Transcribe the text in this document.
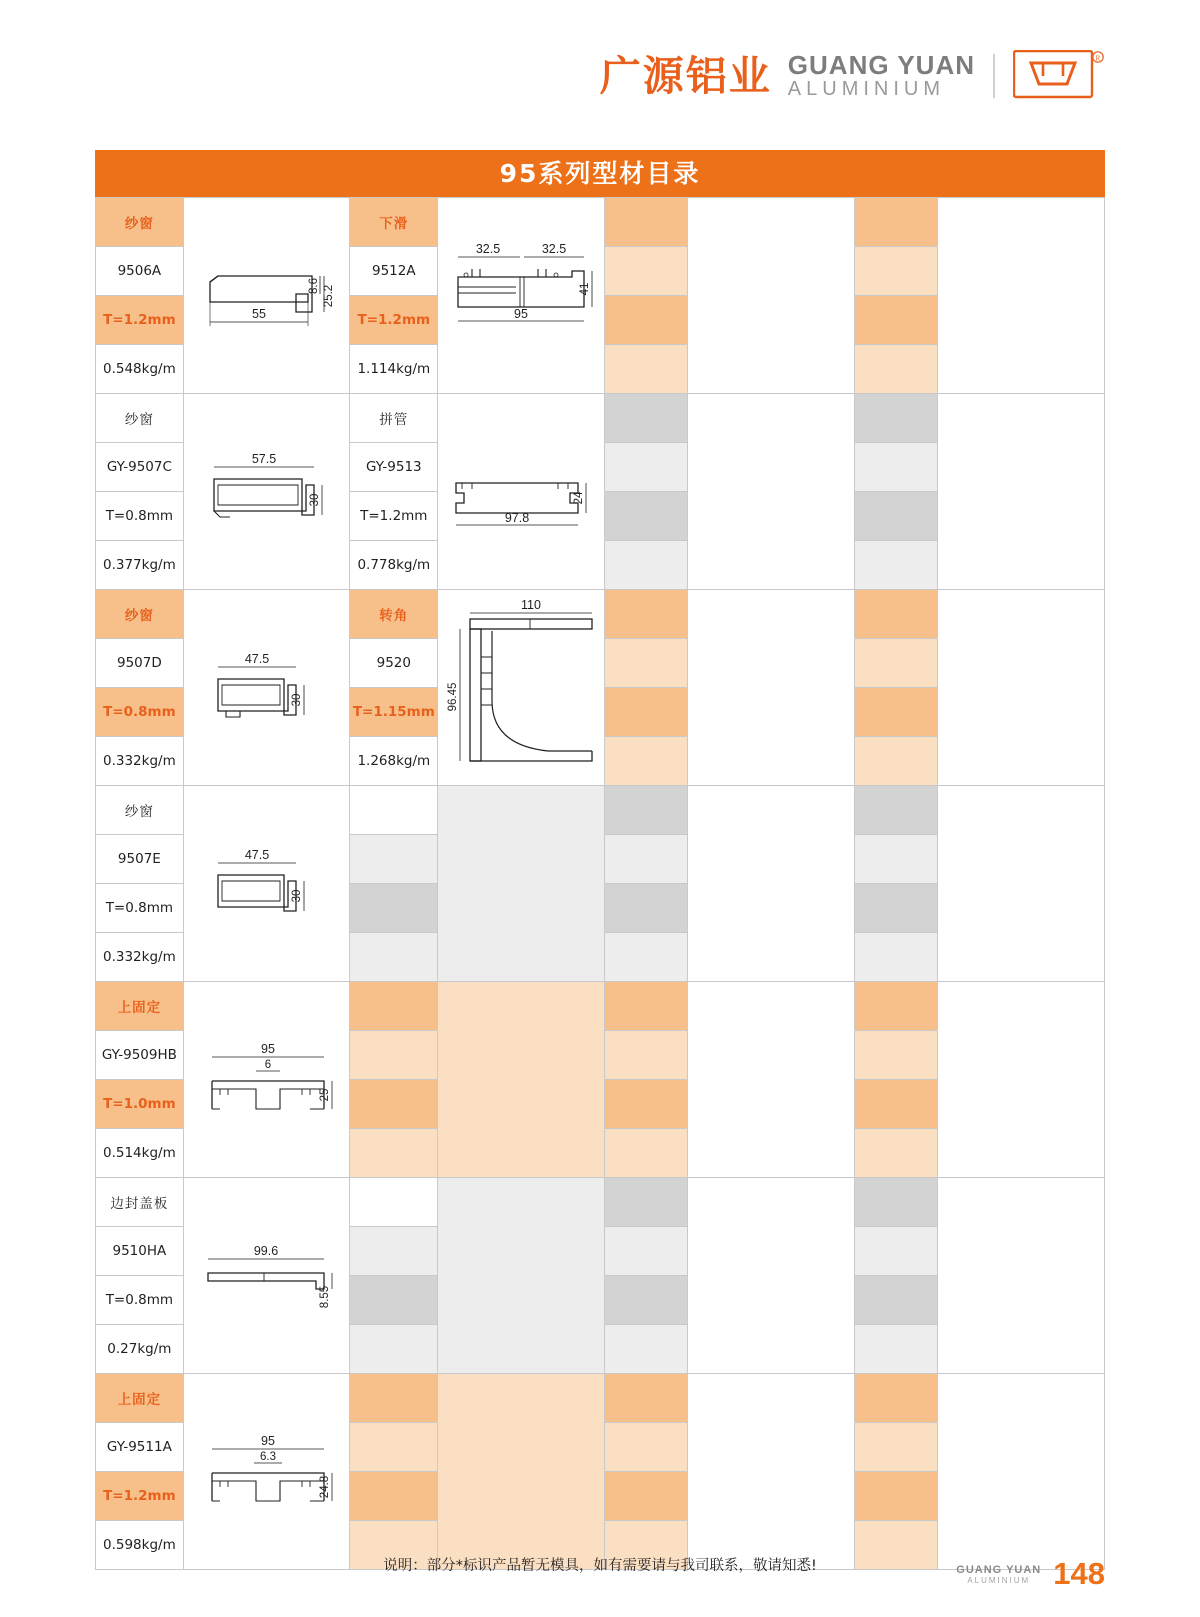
广源铝业 GUANG YUAN
ALUMINIUM
R
95系列型材目录
纱窗	55
8.6 25.2	下滑	32.5 32.5
95
41				

9506A		9512A					
T=1.2mm		T=1.2mm					
0.548kg/m		1.114kg/m					
纱窗	57.5
30	拼管	97.8
24				

GY-9507C		GY-9513					
T=0.8mm		T=1.2mm					
0.377kg/m		0.778kg/m					
纱窗	47.5
30	转角	110
96.45				

9507D		9520					
T=0.8mm		T=1.15mm					
0.332kg/m		1.268kg/m					
纱窗	47.5
30						

9507E							
T=0.8mm							
0.332kg/m							
上固定	95
6
25						

GY-9509HB							
T=1.0mm							
0.514kg/m							
边封盖板	99.6
8.55						

9510HA							
T=0.8mm							
0.27kg/m							
上固定	95
6.3
24.8						

GY-9511A							
T=1.2mm							
0.598kg/m							
说明：部分*标识产品暂无模具，如有需要请与我司联系，敬请知悉!	GUANG YUAN
ALUMINIUM 148
